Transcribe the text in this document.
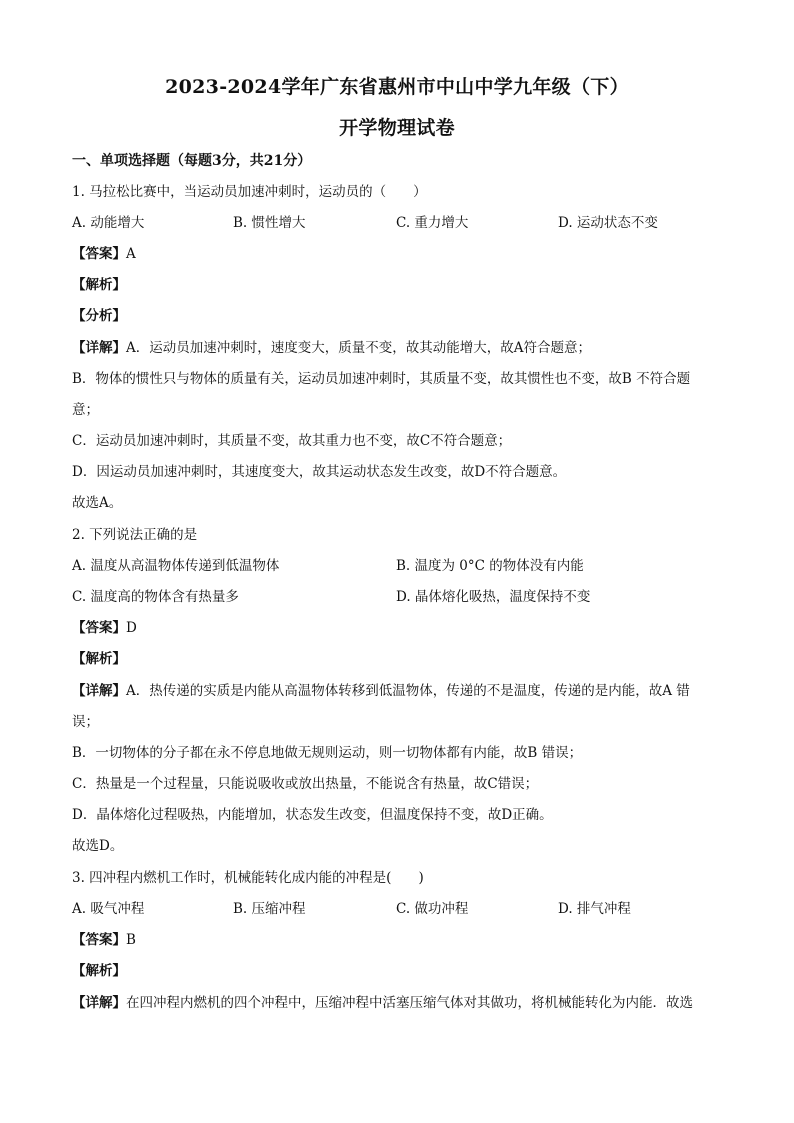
2023-2024学年广东省惠州市中山中学九年级（下）
开学物理试卷
一、单项选择题（每题3分，共21分）
1. 马拉松比赛中，当运动员加速冲刺时，运动员的（　　）
A. 动能增大	B. 惯性增大	C. 重力增大	D. 运动状态不变
【答案】A
【解析】
【分析】
【详解】A．运动员加速冲刺时，速度变大，质量不变，故其动能增大，故A符合题意；
B．物体的惯性只与物体的质量有关，运动员加速冲刺时，其质量不变，故其惯性也不变，故B 不符合题
意；
C．运动员加速冲刺时，其质量不变，故其重力也不变，故C不符合题意；
D．因运动员加速冲刺时，其速度变大，故其运动状态发生改变，故D不符合题意。
故选A。
2. 下列说法正确的是
A. 温度从高温物体传递到低温物体	B. 温度为 0°C 的物体没有内能
C. 温度高的物体含有热量多	D. 晶体熔化吸热，温度保持不变
【答案】D
【解析】
【详解】A．热传递的实质是内能从高温物体转移到低温物体，传递的不是温度，传递的是内能，故A 错
误；
B．一切物体的分子都在永不停息地做无规则运动，则一切物体都有内能，故B 错误；
C．热量是一个过程量，只能说吸收或放出热量，不能说含有热量，故C错误；
D．晶体熔化过程吸热，内能增加，状态发生改变，但温度保持不变，故D正确。
故选D。
3. 四冲程内燃机工作时，机械能转化成内能的冲程是(　　)
A. 吸气冲程	B. 压缩冲程	C. 做功冲程	D. 排气冲程
【答案】B
【解析】
【详解】在四冲程内燃机的四个冲程中，压缩冲程中活塞压缩气体对其做功，将机械能转化为内能．故选
